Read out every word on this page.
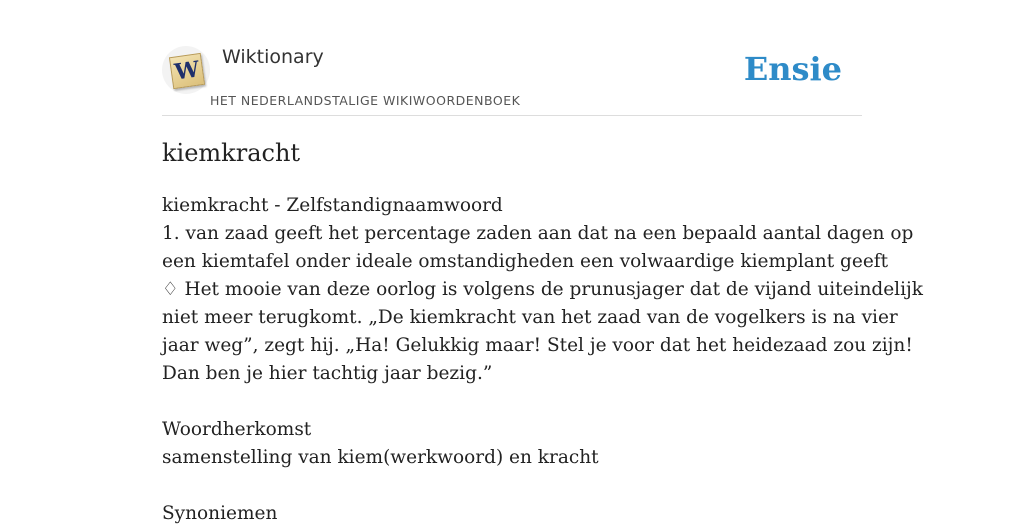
W Wiktionary
HET NEDERLANDSTALIGE WIKIWOORDENBOEK
Ensie
kiemkracht
kiemkracht - Zelfstandignaamwoord
1. van zaad geeft het percentage zaden aan dat na een bepaald aantal dagen op
een kiemtafel onder ideale omstandigheden een volwaardige kiemplant geeft
♢ Het mooie van deze oorlog is volgens de prunusjager dat de vijand uiteindelijk
niet meer terugkomt. „De kiemkracht van het zaad van de vogelkers is na vier
jaar weg”, zegt hij. „Ha! Gelukkig maar! Stel je voor dat het heidezaad zou zijn!
Dan ben je hier tachtig jaar bezig.”
Woordherkomst
samenstelling van kiem(werkwoord) en kracht
Synoniemen
